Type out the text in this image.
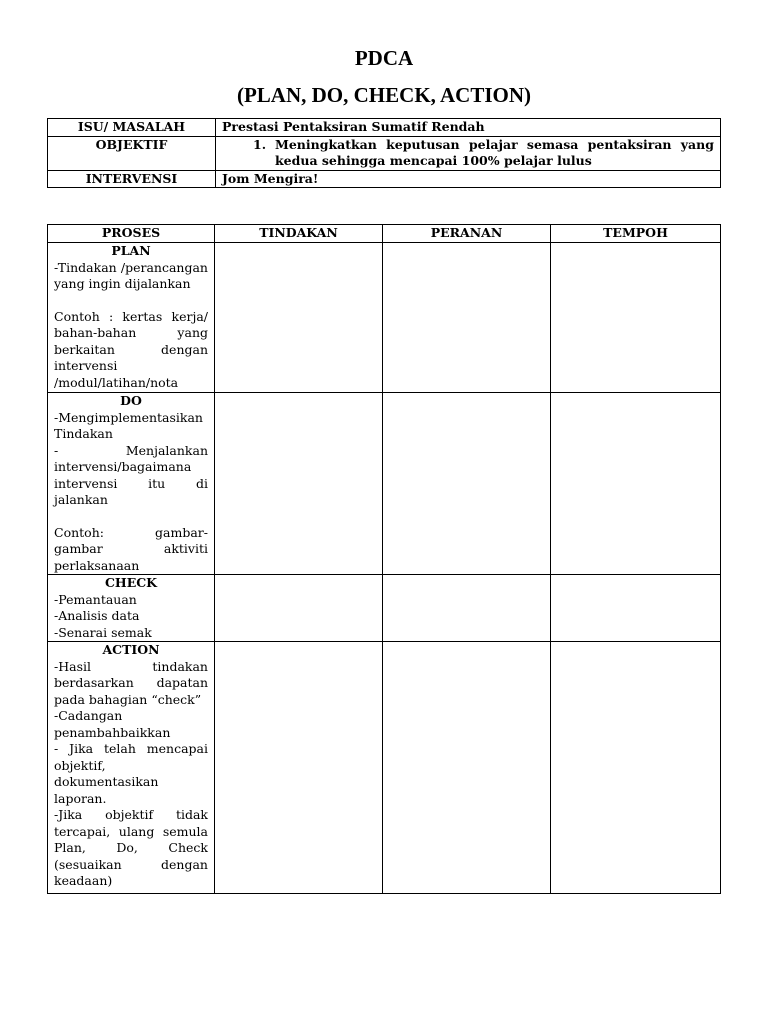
PDCA
(PLAN, DO, CHECK, ACTION)
ISU/ MASALAH	Prestasi Pentaksiran Sumatif Rendah
OBJEKTIF	1. Meningkatkan keputusan pelajar semasa pentaksiran yang kedua sehingga mencapai 100% pelajar lulus

INTERVENSI	Jom Mengira!
PROSES	TINDAKAN	PERANAN	TEMPOH

PLAN
-Tindakan /perancangan yang ingin dijalankan
Contoh : kertas kerja/ bahan-bahan yang berkaitan dengan intervensi /modul/latihan/nota			

DO
-Mengimplementasikan Tindakan
- Menjalankan intervensi/bagaimana intervensi itu di jalankan
Contoh: gambar-gambar aktiviti perlaksanaan			

CHECK
-Pemantauan
-Analisis data
-Senarai semak			

ACTION
-Hasil tindakan berdasarkan dapatan pada bahagian “check”
-Cadangan penambahbaikkan
- Jika telah mencapai objektif, dokumentasikan laporan.
-Jika objektif tidak tercapai, ulang semula Plan, Do, Check (sesuaikan dengan keadaan)			
